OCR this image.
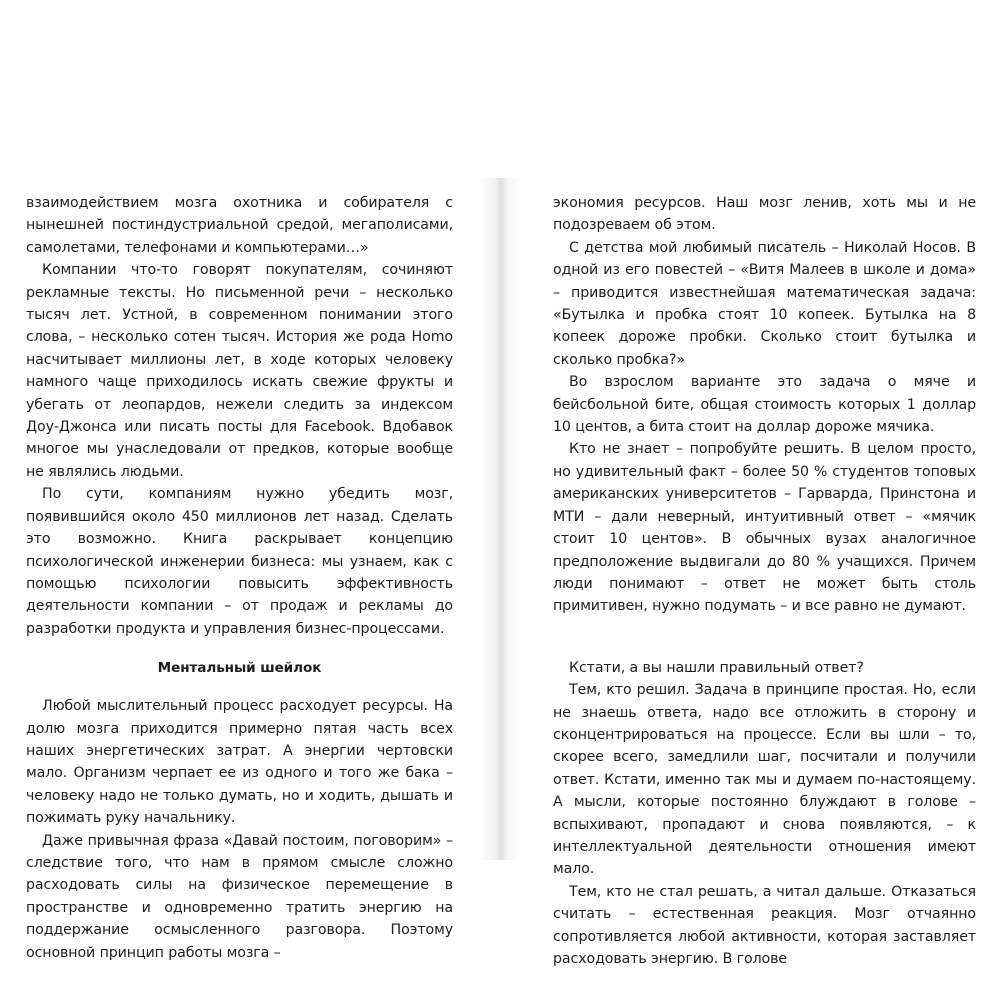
взаимодействием мозга охотника и собирателя с нынешней постиндустриальной средой, мегаполисами, самолетами, телефонами и компьютерами…»

Компании что-то говорят покупателям, сочиняют рекламные тексты. Но письменной речи – несколько тысяч лет. Устной, в современном понимании этого слова, – несколько сотен тысяч. История же рода Homo насчитывает миллионы лет, в ходе которых человеку намного чаще приходилось искать свежие фрукты и убегать от леопардов, нежели следить за индексом Доу-Джонса или писать посты для Facebook. Вдобавок многое мы унаследовали от предков, которые вообще не являлись людьми.

По сути, компаниям нужно убедить мозг, появившийся около 450 миллионов лет назад. Сделать это возможно. Книга раскрывает концепцию психологической инженерии бизнеса: мы узнаем, как с помощью психологии повысить эффективность деятельности компании – от продаж и рекламы до разработки продукта и управления бизнес-процессами.

Ментальный шейлок

Любой мыслительный процесс расходует ресурсы. На долю мозга приходится примерно пятая часть всех наших энергетических затрат. А энергии чертовски мало. Организм черпает ее из одного и того же бака – человеку надо не только думать, но и ходить, дышать и пожимать руку начальнику.

Даже привычная фраза «Давай постоим, поговорим» – следствие того, что нам в прямом смысле сложно расходовать силы на физическое перемещение в пространстве и одновременно тратить энергию на поддержание осмысленного разговора. Поэтому основной принцип работы мозга –

экономия ресурсов. Наш мозг ленив, хоть мы и не подозреваем об этом.

С детства мой любимый писатель – Николай Носов. В одной из его повестей – «Витя Малеев в школе и дома» – приводится известнейшая математическая задача: «Бутылка и пробка стоят 10 копеек. Бутылка на 8 копеек дороже пробки. Сколько стоит бутылка и сколько пробка?»

Во взрослом варианте это задача о мяче и бейсбольной бите, общая стоимость которых 1 доллар 10 центов, а бита стоит на доллар дороже мячика.

Кто не знает – попробуйте решить. В целом просто, но удивительный факт – более 50 % студентов топовых американских университетов – Гарварда, Принстона и МТИ – дали неверный, интуитивный ответ – «мячик стоит 10 центов». В обычных вузах аналогичное предположение выдвигали до 80 % учащихся. Причем люди понимают – ответ не может быть столь примитивен, нужно подумать – и все равно не думают.

Кстати, а вы нашли правильный ответ?

Тем, кто решил. Задача в принципе простая. Но, если не знаешь ответа, надо все отложить в сторону и сконцентрироваться на процессе. Если вы шли – то, скорее всего, замедлили шаг, посчитали и получили ответ. Кстати, именно так мы и думаем по-настоящему. А мысли, которые постоянно блуждают в голове – вспыхивают, пропадают и снова появляются, – к интеллектуальной деятельности отношения имеют мало.

Тем, кто не стал решать, а читал дальше. Отказаться считать – естественная реакция. Мозг отчаянно сопротивляется любой активности, которая заставляет расходовать энергию. В голове
